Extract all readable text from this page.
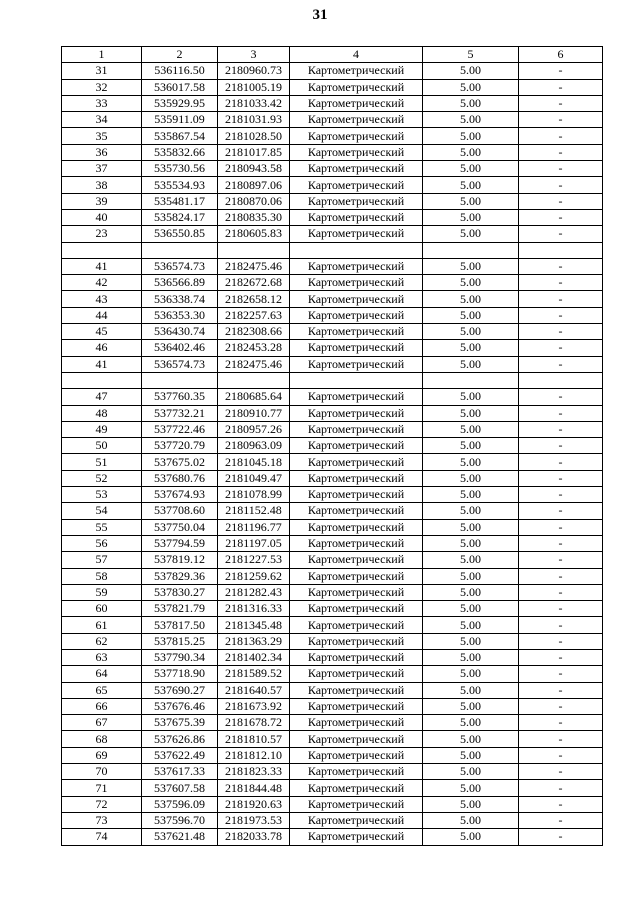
31
1	2	3	4	5	6
31	536116.50	2180960.73	Картометрический	5.00	-
32	536017.58	2181005.19	Картометрический	5.00	-
33	535929.95	2181033.42	Картометрический	5.00	-
34	535911.09	2181031.93	Картометрический	5.00	-
35	535867.54	2181028.50	Картометрический	5.00	-
36	535832.66	2181017.85	Картометрический	5.00	-
37	535730.56	2180943.58	Картометрический	5.00	-
38	535534.93	2180897.06	Картометрический	5.00	-
39	535481.17	2180870.06	Картометрический	5.00	-
40	535824.17	2180835.30	Картометрический	5.00	-
23	536550.85	2180605.83	Картометрический	5.00	-

41	536574.73	2182475.46	Картометрический	5.00	-
42	536566.89	2182672.68	Картометрический	5.00	-
43	536338.74	2182658.12	Картометрический	5.00	-
44	536353.30	2182257.63	Картометрический	5.00	-
45	536430.74	2182308.66	Картометрический	5.00	-
46	536402.46	2182453.28	Картометрический	5.00	-
41	536574.73	2182475.46	Картометрический	5.00	-

47	537760.35	2180685.64	Картометрический	5.00	-
48	537732.21	2180910.77	Картометрический	5.00	-
49	537722.46	2180957.26	Картометрический	5.00	-
50	537720.79	2180963.09	Картометрический	5.00	-
51	537675.02	2181045.18	Картометрический	5.00	-
52	537680.76	2181049.47	Картометрический	5.00	-
53	537674.93	2181078.99	Картометрический	5.00	-
54	537708.60	2181152.48	Картометрический	5.00	-
55	537750.04	2181196.77	Картометрический	5.00	-
56	537794.59	2181197.05	Картометрический	5.00	-
57	537819.12	2181227.53	Картометрический	5.00	-
58	537829.36	2181259.62	Картометрический	5.00	-
59	537830.27	2181282.43	Картометрический	5.00	-
60	537821.79	2181316.33	Картометрический	5.00	-
61	537817.50	2181345.48	Картометрический	5.00	-
62	537815.25	2181363.29	Картометрический	5.00	-
63	537790.34	2181402.34	Картометрический	5.00	-
64	537718.90	2181589.52	Картометрический	5.00	-
65	537690.27	2181640.57	Картометрический	5.00	-
66	537676.46	2181673.92	Картометрический	5.00	-
67	537675.39	2181678.72	Картометрический	5.00	-
68	537626.86	2181810.57	Картометрический	5.00	-
69	537622.49	2181812.10	Картометрический	5.00	-
70	537617.33	2181823.33	Картометрический	5.00	-
71	537607.58	2181844.48	Картометрический	5.00	-
72	537596.09	2181920.63	Картометрический	5.00	-
73	537596.70	2181973.53	Картометрический	5.00	-
74	537621.48	2182033.78	Картометрический	5.00	-
